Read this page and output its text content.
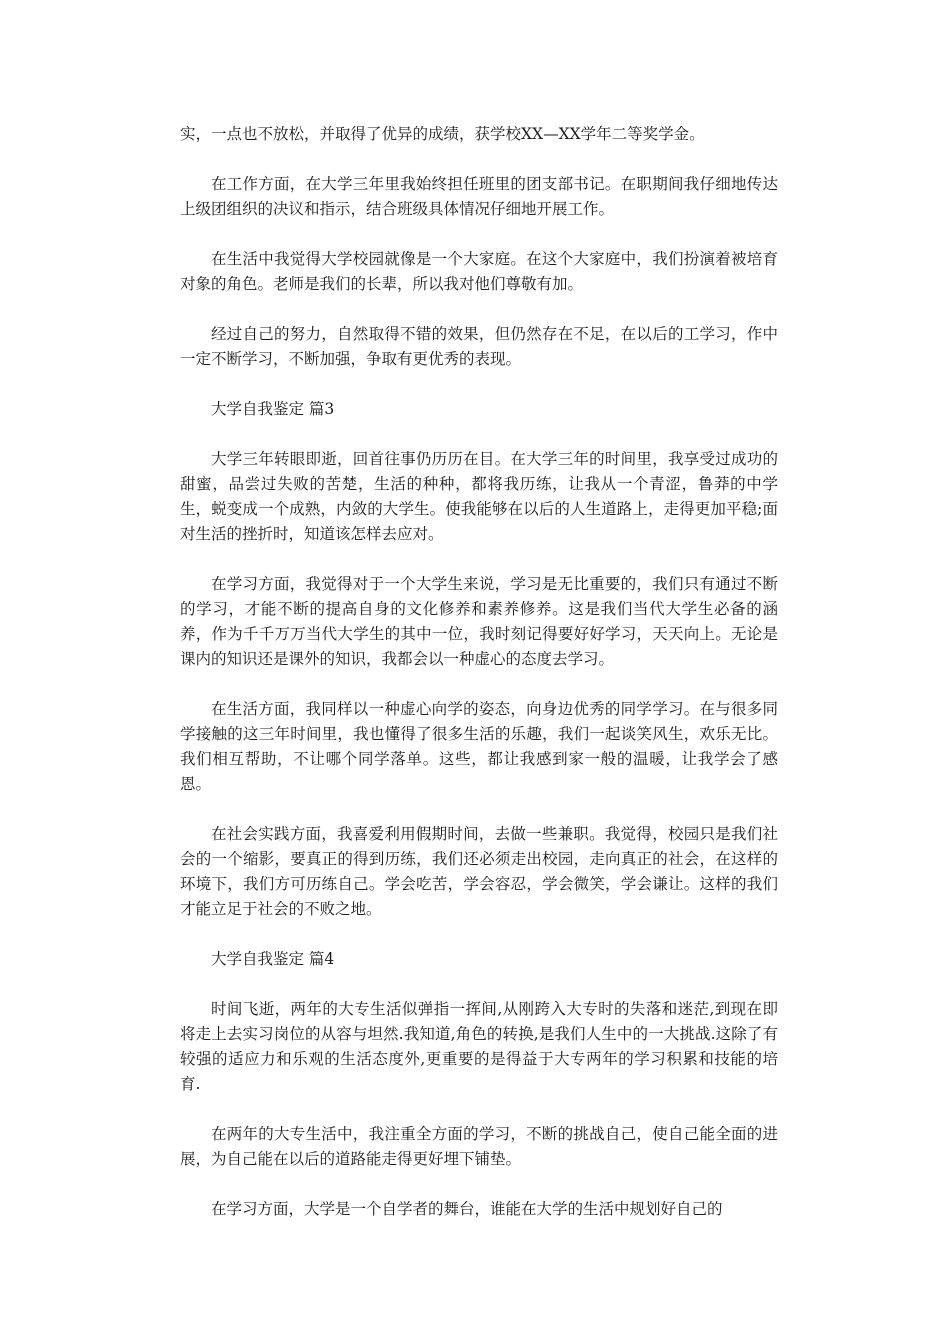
实，一点也不放松，并取得了优异的成绩，获学校XX—XX学年二等奖学金。

在工作方面，在大学三年里我始终担任班里的团支部书记。在职期间我仔细地传达上级团组织的决议和指示，结合班级具体情况仔细地开展工作。

在生活中我觉得大学校园就像是一个大家庭。在这个大家庭中，我们扮演着被培育对象的角色。老师是我们的长辈，所以我对他们尊敬有加。

经过自己的努力，自然取得不错的效果，但仍然存在不足，在以后的工学习，作中一定不断学习，不断加强，争取有更优秀的表现。

大学自我鉴定 篇3

大学三年转眼即逝，回首往事仍历历在目。在大学三年的时间里，我享受过成功的甜蜜，品尝过失败的苦楚，生活的种种，都将我历练，让我从一个青涩，鲁莽的中学生，蜕变成一个成熟，内敛的大学生。使我能够在以后的人生道路上，走得更加平稳;面对生活的挫折时，知道该怎样去应对。

在学习方面，我觉得对于一个大学生来说，学习是无比重要的，我们只有通过不断的学习，才能不断的提高自身的文化修养和素养修养。这是我们当代大学生必备的涵养，作为千千万万当代大学生的其中一位，我时刻记得要好好学习，天天向上。无论是课内的知识还是课外的知识，我都会以一种虚心的态度去学习。

在生活方面，我同样以一种虚心向学的姿态，向身边优秀的同学学习。在与很多同学接触的这三年时间里，我也懂得了很多生活的乐趣，我们一起谈笑风生，欢乐无比。我们相互帮助，不让哪个同学落单。这些，都让我感到家一般的温暖，让我学会了感恩。

在社会实践方面，我喜爱利用假期时间，去做一些兼职。我觉得，校园只是我们社会的一个缩影，要真正的得到历练，我们还必须走出校园，走向真正的社会，在这样的环境下，我们方可历练自己。学会吃苦，学会容忍，学会微笑，学会谦让。这样的我们才能立足于社会的不败之地。

大学自我鉴定 篇4

时间飞逝，两年的大专生活似弹指一挥间,从刚跨入大专时的失落和迷茫,到现在即将走上去实习岗位的从容与坦然.我知道,角色的转换,是我们人生中的一大挑战.这除了有较强的适应力和乐观的生活态度外,更重要的是得益于大专两年的学习积累和技能的培育.

在两年的大专生活中，我注重全方面的学习，不断的挑战自己，使自己能全面的进展，为自己能在以后的道路能走得更好埋下铺垫。

在学习方面，大学是一个自学者的舞台，谁能在大学的生活中规划好自己的
